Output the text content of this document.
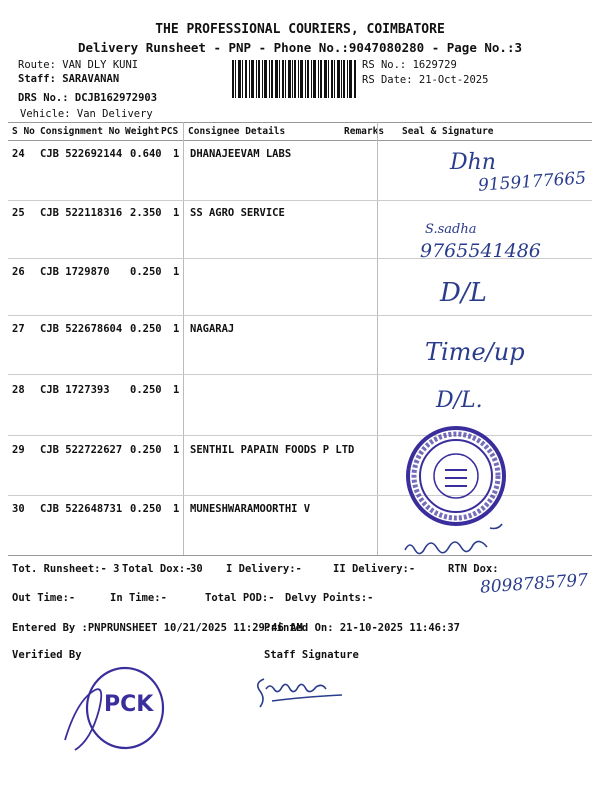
THE PROFESSIONAL COURIERS, COIMBATORE
Delivery Runsheet - PNP - Phone No.:9047080280 - Page No.:3
Route: VAN DLY KUNI
Staff: SARAVANAN
DRS No.: DCJB162972903
Vehicle: Van Delivery
RS No.: 1629729
RS Date: 21-Oct-2025
S No Consignment No Weight PCS Consignee Details	Remarks Seal & Signature
24 CJB 522692144 0.640 1 DHANAJEEVAM LABS	Dhn
9159177665
25 CJB 522118316 2.350 1 SS AGRO SERVICE
S.sadha
9765541486
26 CJB 1729870 0.250 1
D/L
27 CJB 522678604 0.250 1 NAGARAJ
Time/up
28 CJB 1727393 0.250 1	D/L.
29 CJB 522722627 0.250 1 SENTHIL PAPAIN FOODS P LTD
30 CJB 522648731 0.250 1 MUNESHWARAMOORTHI V
8098785797
Tot. Runsheet:- 3 Total Dox:-
30 I Delivery:-	II Delivery:-	RTN Dox:
Out Time:-	In Time:-	Total POD:- Delvy Points:-
Entered By :PNPRUNSHEET 10/21/2025 11:29:46 AM
Printed On: 21-10-2025 11:46:37
Verified By	Staff Signature
PCK
